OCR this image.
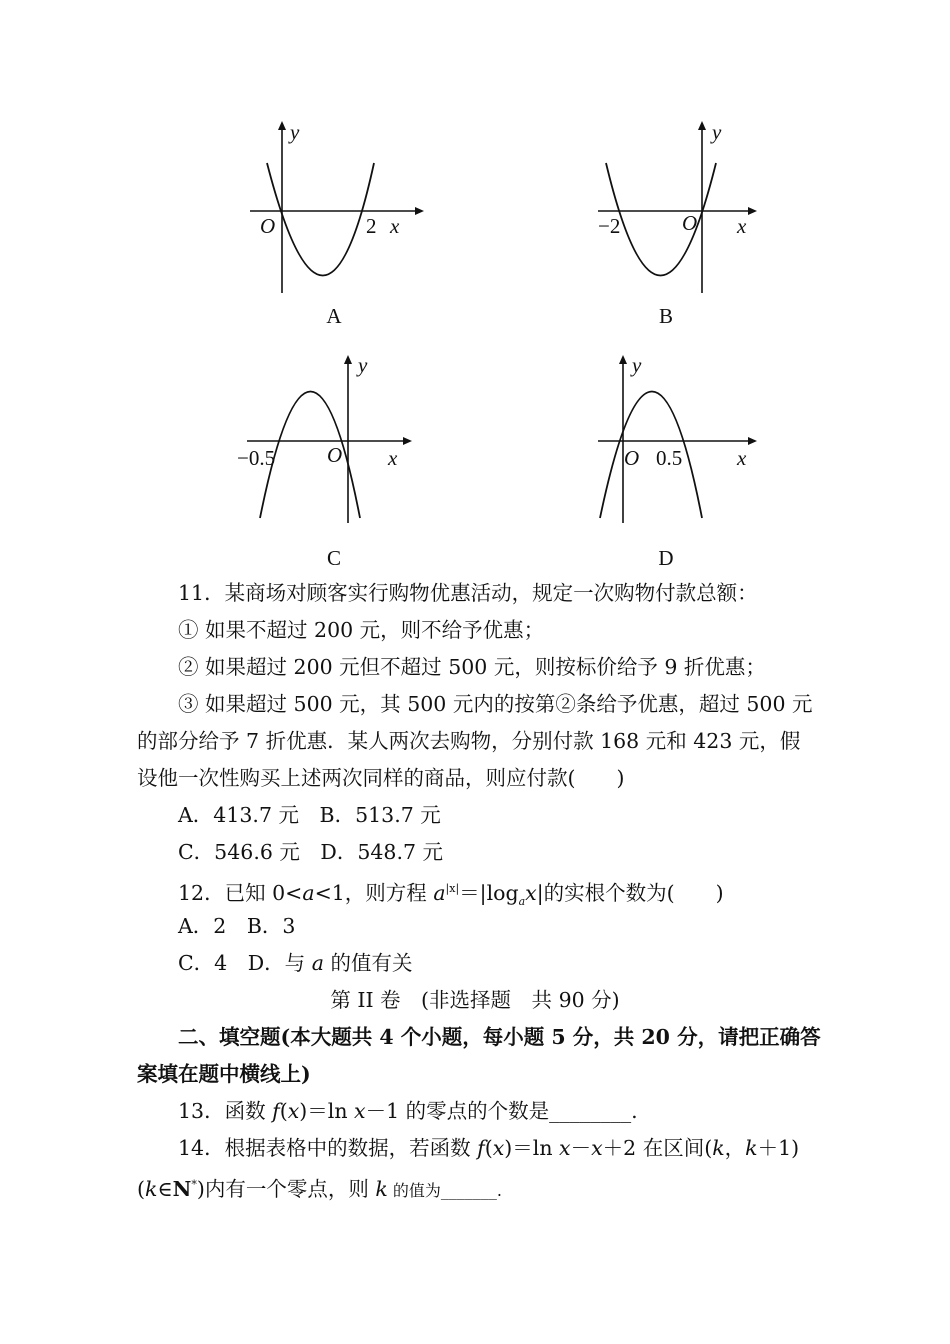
y
O	2 x
A
y
−2	O x
B
y
−0.5 O x
C
y
O 0.5	x
D
11．某商场对顾客实行购物优惠活动，规定一次购物付款总额：
① 如果不超过 200 元，则不给予优惠；
② 如果超过 200 元但不超过 500 元，则按标价给予 9 折优惠；
③ 如果超过 500 元，其 500 元内的按第②条给予优惠，超过 500 元
的部分给予 7 折优惠．某人两次去购物，分别付款 168 元和 423 元，假
设他一次性购买上述两次同样的商品，则应付款(　　)
A．413.7 元　B．513.7 元
C．546.6 元　D．548.7 元
12．已知 0<a<1，则方程 $a^{|x|}=|\log_ax|$的实根个数为(　　)
A．2　B．3
C．4　D．与 a 的值有关
第 II 卷　(非选择题　共 90 分)
二、填空题(本大题共 4 个小题，每小题 5 分，共 20 分，请把正确答
案填在题中横线上)
13．函数 f(x)＝ln x－1 的零点的个数是________.
14．根据表格中的数据，若函数 f(x)＝ln x－x＋2 在区间(k，k＋1)
(k∈N*)内有一个零点，则 k 的值为_______.
